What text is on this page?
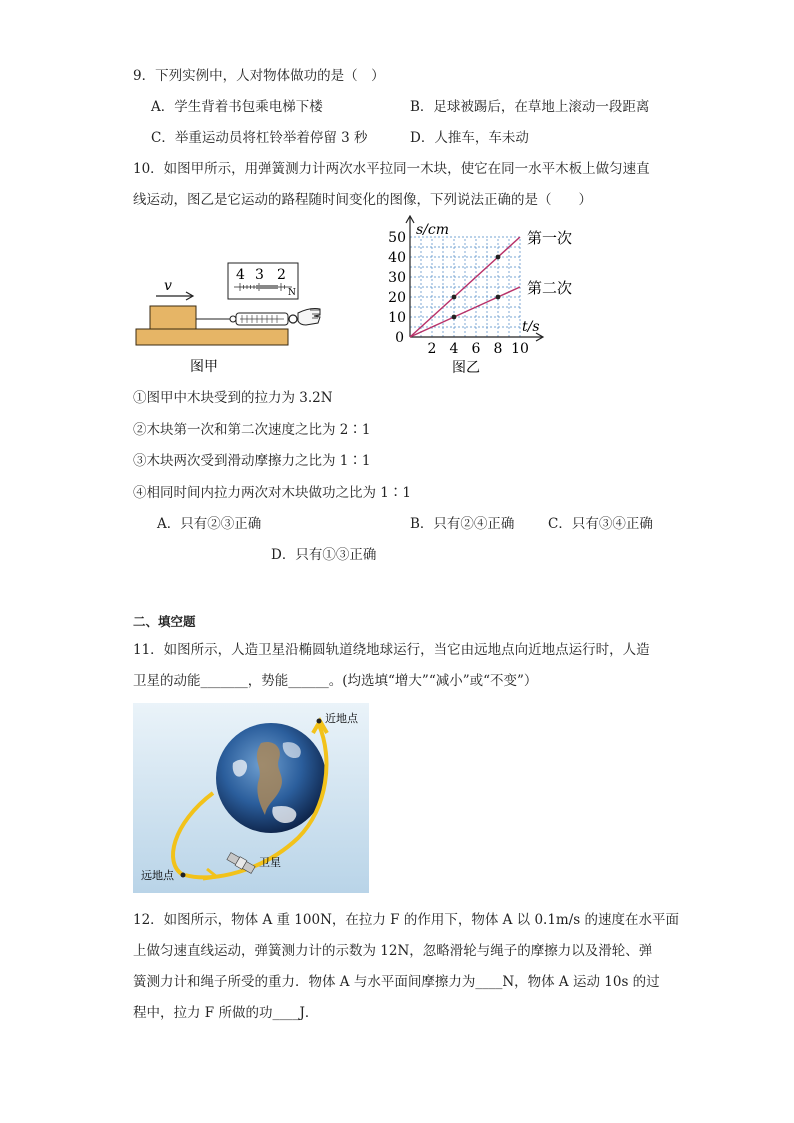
9．下列实例中，人对物体做功的是（　）
A．学生背着书包乘电梯下楼	B．足球被踢后，在草地上滚动一段距离
C．举重运动员将杠铃举着停留 3 秒	D．人推车，车未动
10．如图甲所示，用弹簧测力计两次水平拉同一木块，使它在同一水平木板上做匀速直
线运动，图乙是它运动的路程随时间变化的图像，下列说法正确的是（　　）
v
4 3 2
N
图甲
2 4 6 8 10
10
20
30
40
50
0
s/cm
t/s
第一次
第二次
图乙
①图甲中木块受到的拉力为 3.2N
②木块第一次和第二次速度之比为 2∶1
③木块两次受到滑动摩擦力之比为 1∶1
④相同时间内拉力两次对木块做功之比为 1∶1
A．只有②③正确	B．只有②④正确 C．只有③④正确
D．只有①③正确
二、填空题
11．如图所示，人造卫星沿椭圆轨道绕地球运行，当它由远地点向近地点运行时，人造
卫星的动能_______，势能______。(均选填“增大”“减小”或“不变”）
近地点
远地点
卫星
12．如图所示，物体 A 重 100N，在拉力 F 的作用下，物体 A 以 0.1m/s 的速度在水平面
上做匀速直线运动，弹簧测力计的示数为 12N，忽略滑轮与绳子的摩擦力以及滑轮、弹
簧测力计和绳子所受的重力．物体 A 与水平面间摩擦力为____N，物体 A 运动 10s 的过
程中，拉力 F 所做的功____J．
